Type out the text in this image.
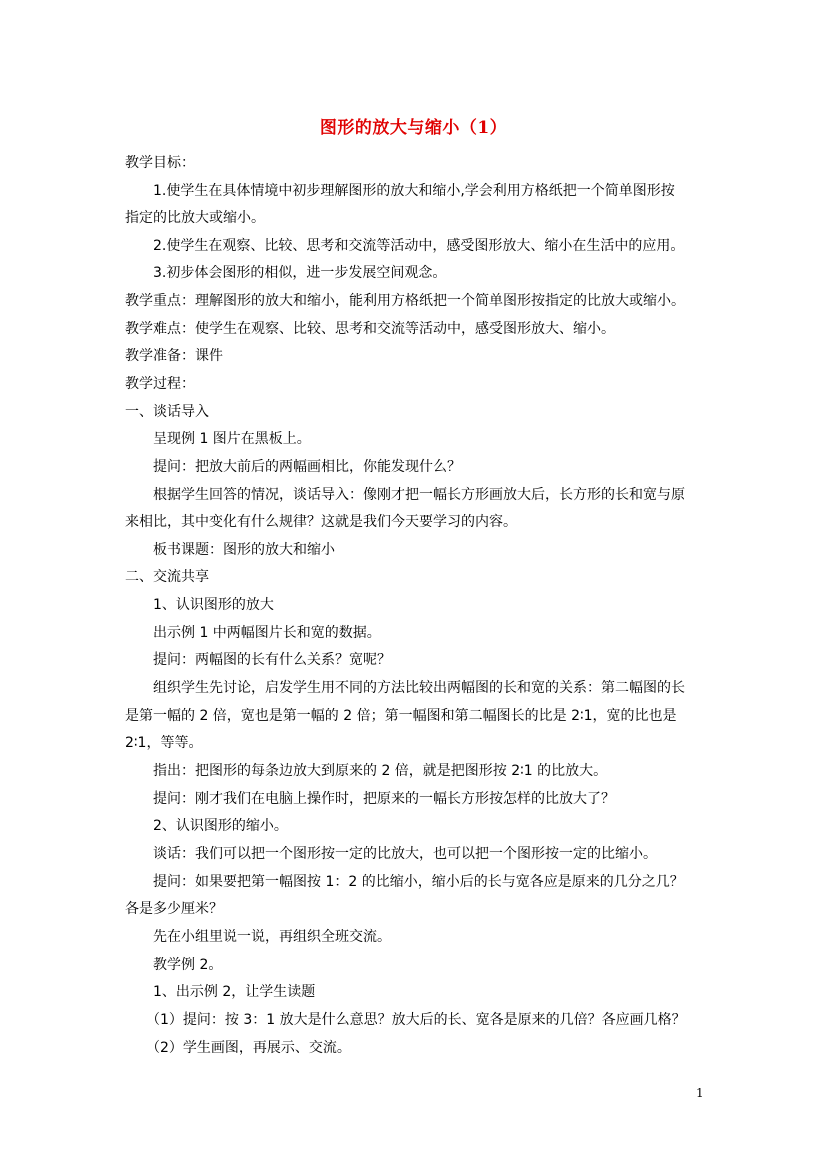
图形的放大与缩小（1）
教学目标：
1.使学生在具体情境中初步理解图形的放大和缩小,学会利用方格纸把一个简单图形按
指定的比放大或缩小。
2.使学生在观察、比较、思考和交流等活动中，感受图形放大、缩小在生活中的应用。
3.初步体会图形的相似，进一步发展空间观念。
教学重点：理解图形的放大和缩小，能利用方格纸把一个简单图形按指定的比放大或缩小。
教学难点：使学生在观察、比较、思考和交流等活动中，感受图形放大、缩小。
教学准备：课件
教学过程：
一、谈话导入
呈现例 1 图片在黑板上。
提问：把放大前后的两幅画相比，你能发现什么？
根据学生回答的情况，谈话导入：像刚才把一幅长方形画放大后，长方形的长和宽与原
来相比，其中变化有什么规律？这就是我们今天要学习的内容。
板书课题：图形的放大和缩小
二、交流共享
1、认识图形的放大
出示例 1 中两幅图片长和宽的数据。
提问：两幅图的长有什么关系？宽呢？
组织学生先讨论，启发学生用不同的方法比较出两幅图的长和宽的关系：第二幅图的长
是第一幅的 2 倍，宽也是第一幅的 2 倍；第一幅图和第二幅图长的比是 2∶1，宽的比也是
2∶1，等等。
指出：把图形的每条边放大到原来的 2 倍，就是把图形按 2∶1 的比放大。
提问：刚才我们在电脑上操作时，把原来的一幅长方形按怎样的比放大了？
2、认识图形的缩小。
谈话：我们可以把一个图形按一定的比放大，也可以把一个图形按一定的比缩小。
提问：如果要把第一幅图按 1：2 的比缩小，缩小后的长与宽各应是原来的几分之几？
各是多少厘米？
先在小组里说一说，再组织全班交流。
教学例 2。
1、出示例 2，让学生读题
（1）提问：按 3：1 放大是什么意思？放大后的长、宽各是原来的几倍？各应画几格？
（2）学生画图，再展示、交流。
1
